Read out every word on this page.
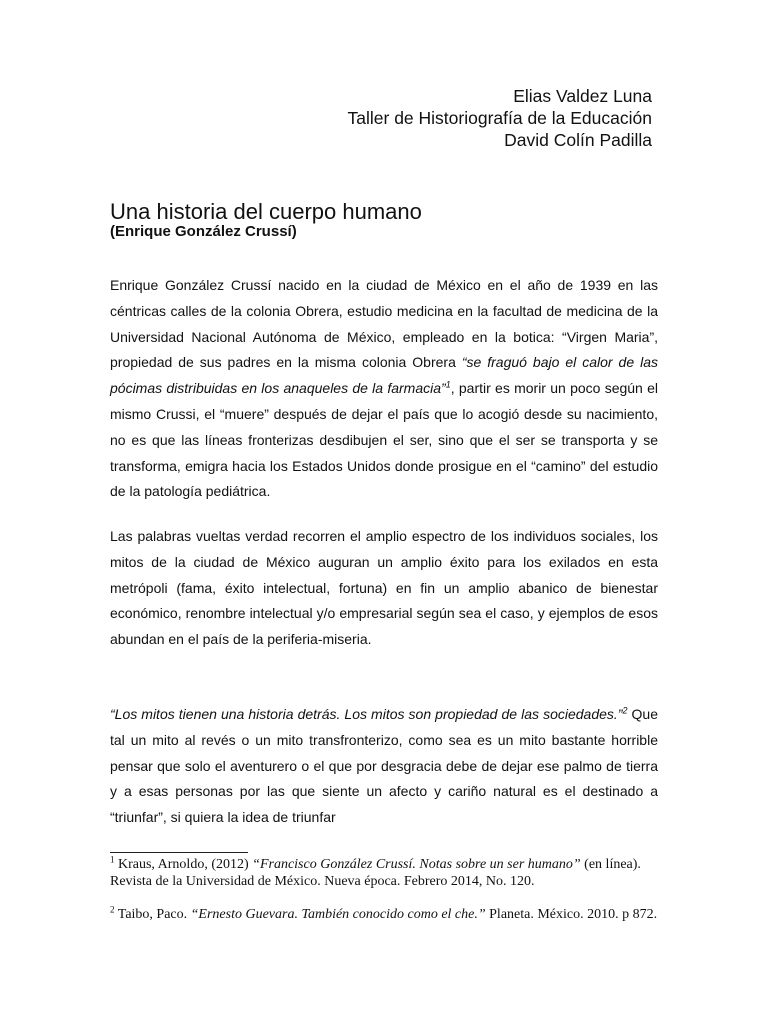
Elias Valdez Luna
Taller de Historiografía de la Educación
David Colín Padilla
Una historia del cuerpo humano
(Enrique González Crussí)
Enrique González Crussí nacido en la ciudad de México en el año de 1939 en las céntricas calles de la colonia Obrera, estudio medicina en la facultad de medicina de la Universidad Nacional Autónoma de México, empleado en la botica: “Virgen Maria”, propiedad de sus padres en la misma colonia Obrera “se fraguó bajo el calor de las pócimas distribuidas en los anaqueles de la farmacia”$^1$, partir es morir un poco según el mismo Crussi, el “muere” después de dejar el país que lo acogió desde su nacimiento, no es que las líneas fronterizas desdibujen el ser, sino que el ser se transporta y se transforma, emigra hacia los Estados Unidos donde prosigue en el “camino” del estudio de la patología pediátrica.
Las palabras vueltas verdad recorren el amplio espectro de los individuos sociales, los mitos de la ciudad de México auguran un amplio éxito para los exilados en esta metrópoli (fama, éxito intelectual, fortuna) en fin un amplio abanico de bienestar económico, renombre intelectual y/o empresarial según sea el caso, y ejemplos de esos abundan en el país de la periferia-miseria.
“Los mitos tienen una historia detrás. Los mitos son propiedad de las sociedades.”$^2$ Que tal un mito al revés o un mito transfronterizo, como sea es un mito bastante horrible pensar que solo el aventurero o el que por desgracia debe de dejar ese palmo de tierra y a esas personas por las que siente un afecto y cariño natural es el destinado a “triunfar”, si quiera la idea de triunfar
$^1$ Kraus, Arnoldo, (2012) “Francisco González Crussí. Notas sobre un ser humano” (en línea). Revista de la Universidad de México. Nueva época. Febrero 2014, No. 120.
$^2$ Taibo, Paco. “Ernesto Guevara. También conocido como el che.” Planeta. México. 2010. p 872.
